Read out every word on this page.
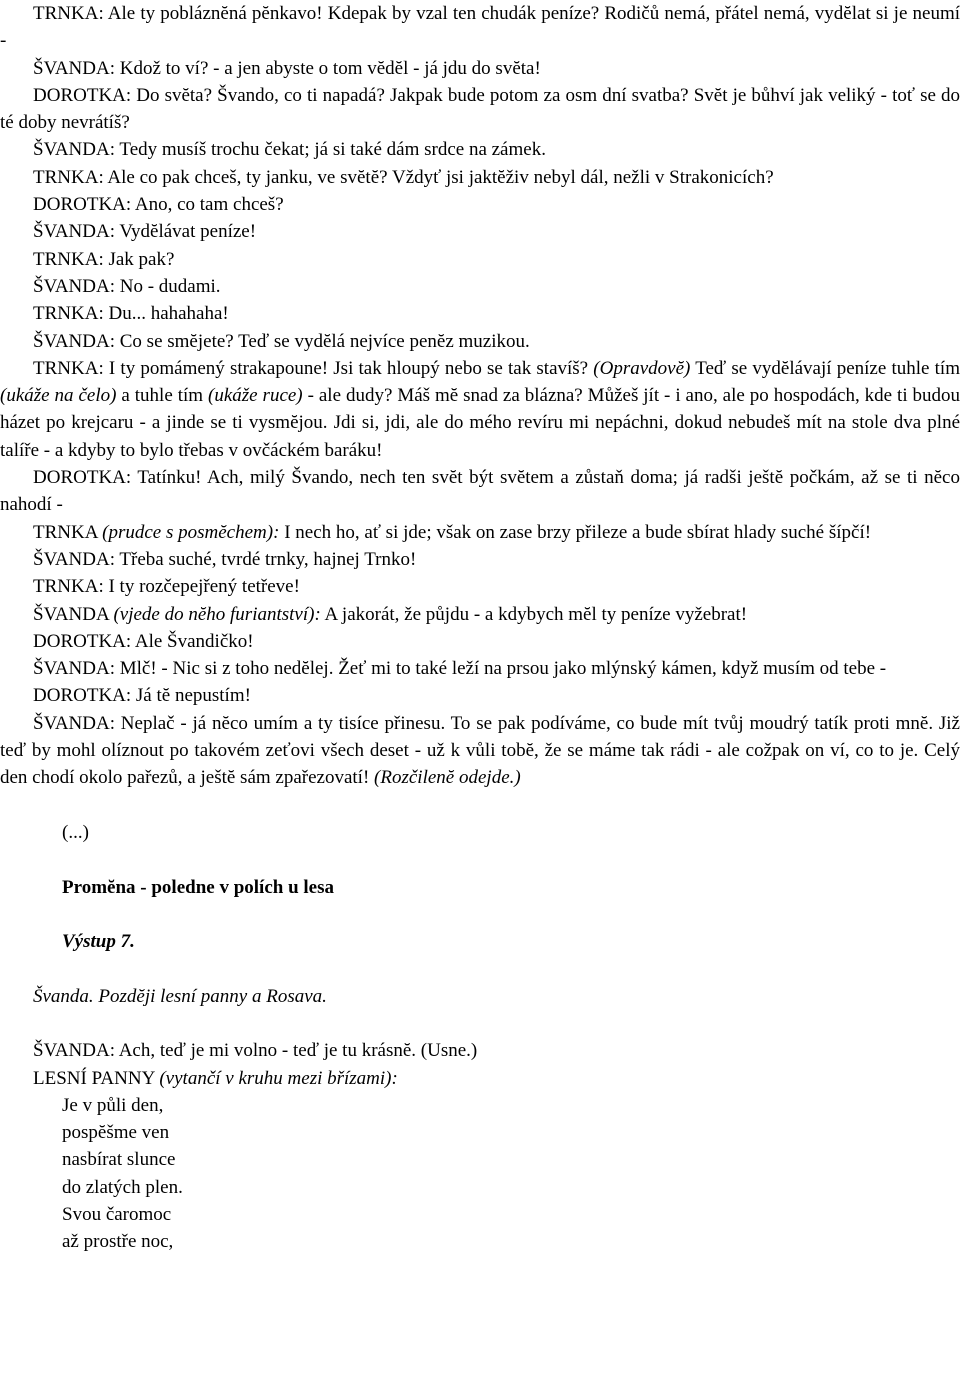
TRNKA: Ale ty pobláznĕná pĕnkavo! Kdepak by vzal ten chudák peníze? Rodičů nemá, přátel nemá, vydĕlat si je neumí -

ŠVANDA: Kdož to ví? - a jen abyste o tom vĕdĕl - já jdu do svĕta!

DOROTKA: Do svĕta? Švando, co ti napadá? Jakpak bude potom za osm dní svatba? Svĕt je bůhví jak veliký - toť se do té doby nevrátíš?

ŠVANDA: Tedy musíš trochu čekat; já si také dám srdce na zámek.

TRNKA: Ale co pak chceš, ty janku, ve svĕtĕ? Vždyť jsi jaktĕživ nebyl dál, nežli v Strakonicích?

DOROTKA: Ano, co tam chceš?

ŠVANDA: Vydĕlávat peníze!

TRNKA: Jak pak?

ŠVANDA: No - dudami.

TRNKA: Du... hahahaha!

ŠVANDA: Co se smĕjete? Teď se vydĕlá nejvíce penĕz muzikou.

TRNKA: I ty pomámený strakapoune! Jsi tak hloupý nebo se tak stavíš? (Opravdovĕ) Teď se vydĕlávají peníze tuhle tím (ukáže na čelo) a tuhle tím (ukáže ruce) - ale dudy? Máš mĕ snad za blázna? Můžeš jít - i ano, ale po hospodách, kde ti budou házet po krejcaru - a jinde se ti vysmĕjou. Jdi si, jdi, ale do mého revíru mi nepáchni, dokud nebudeš mít na stole dva plné talíře - a kdyby to bylo třebas v ovčáckém baráku!

DOROTKA: Tatínku! Ach, milý Švando, nech ten svĕt být svĕtem a zůstaň doma; já radši ještĕ počkám, až se ti nĕco nahodí -

TRNKA (prudce s posmĕchem): I nech ho, ať si jde; však on zase brzy přileze a bude sbírat hlady suché šípčí!

ŠVANDA: Třeba suché, tvrdé trnky, hajnej Trnko!

TRNKA: I ty rozčepejřený tetřeve!

ŠVANDA (vjede do nĕho furiantství): A jakorát, že půjdu - a kdybych mĕl ty peníze vyžebrat!

DOROTKA: Ale Švandičko!

ŠVANDA: Mlč! - Nic si z toho nedĕlej. Žeť mi to také leží na prsou jako mlýnský kámen, když musím od tebe -

DOROTKA: Já tĕ nepustím!

ŠVANDA: Neplač - já nĕco umím a ty tisíce přinesu. To se pak podíváme, co bude mít tvůj moudrý tatík proti mnĕ. Již teď by mohl olíznout po takovém zeťovi všech deset - už k vůli tobĕ, že se máme tak rádi - ale cožpak on ví, co to je. Celý den chodí okolo pařezů, a ještĕ sám zpařezovatí! (Rozčilenĕ odejde.)

(...)

Promĕna - poledne v polích u lesa

Výstup 7.

Švanda. Pozdĕji lesní panny a Rosava.

ŠVANDA: Ach, teď je mi volno - teď je tu krásnĕ. (Usne.)

LESNÍ PANNY (vytančí v kruhu mezi břízami):

Je v půli den,

pospĕšme ven

nasbírat slunce

do zlatých plen.

Svou čaromoc

až prostře noc,
